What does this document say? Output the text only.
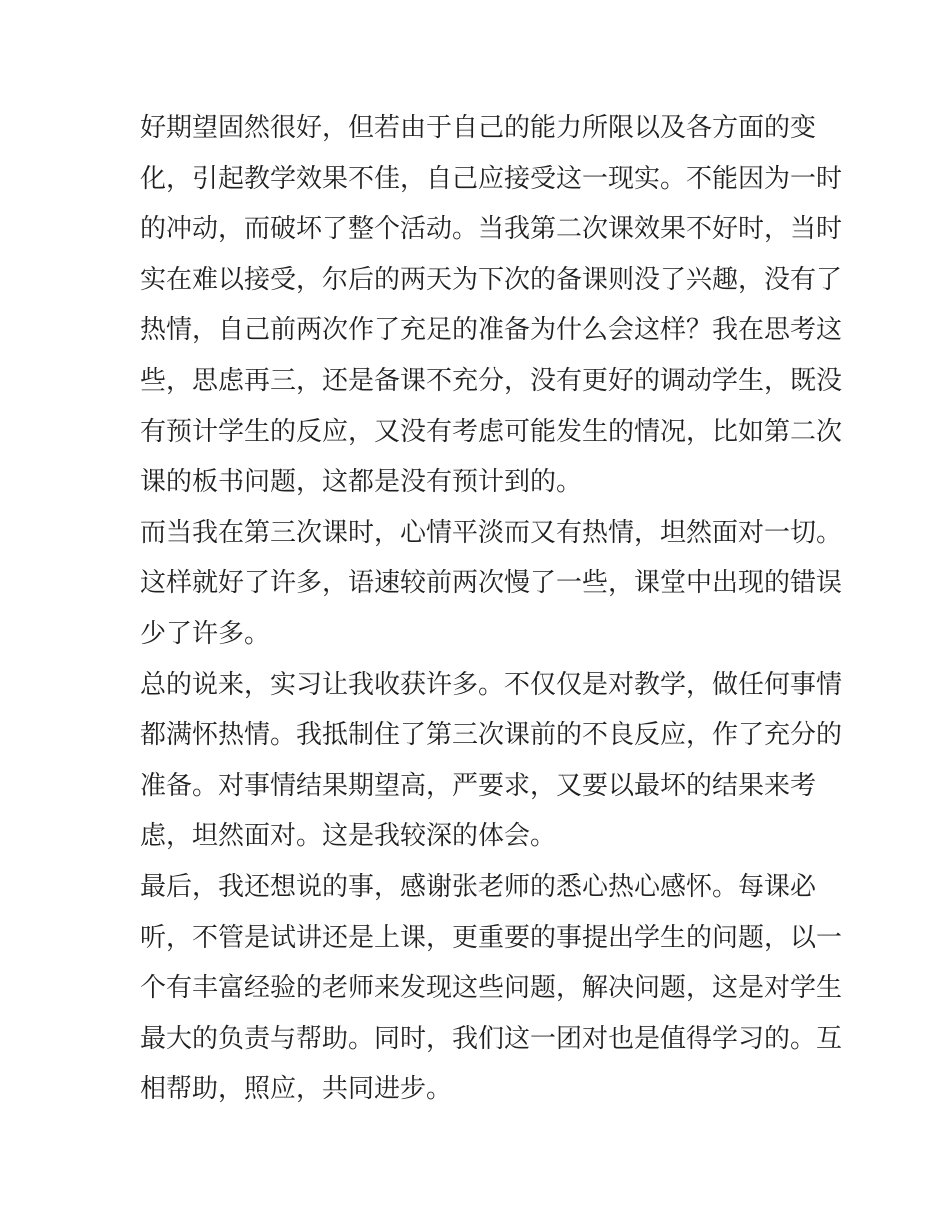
好期望固然很好，但若由于自己的能力所限以及各方面的变
化，引起教学效果不佳，自己应接受这一现实。不能因为一时
的冲动，而破坏了整个活动。当我第二次课效果不好时，当时
实在难以接受，尔后的两天为下次的备课则没了兴趣，没有了
热情，自己前两次作了充足的准备为什么会这样？我在思考这
些，思虑再三，还是备课不充分，没有更好的调动学生，既没
有预计学生的反应，又没有考虑可能发生的情况，比如第二次
课的板书问题，这都是没有预计到的。
而当我在第三次课时，心情平淡而又有热情，坦然面对一切。
这样就好了许多，语速较前两次慢了一些，课堂中出现的错误
少了许多。
总的说来，实习让我收获许多。不仅仅是对教学，做任何事情
都满怀热情。我抵制住了第三次课前的不良反应，作了充分的
准备。对事情结果期望高，严要求，又要以最坏的结果来考
虑，坦然面对。这是我较深的体会。
最后，我还想说的事，感谢张老师的悉心热心感怀。每课必
听，不管是试讲还是上课，更重要的事提出学生的问题，以一
个有丰富经验的老师来发现这些问题，解决问题，这是对学生
最大的负责与帮助。同时，我们这一团对也是值得学习的。互
相帮助，照应，共同进步。
